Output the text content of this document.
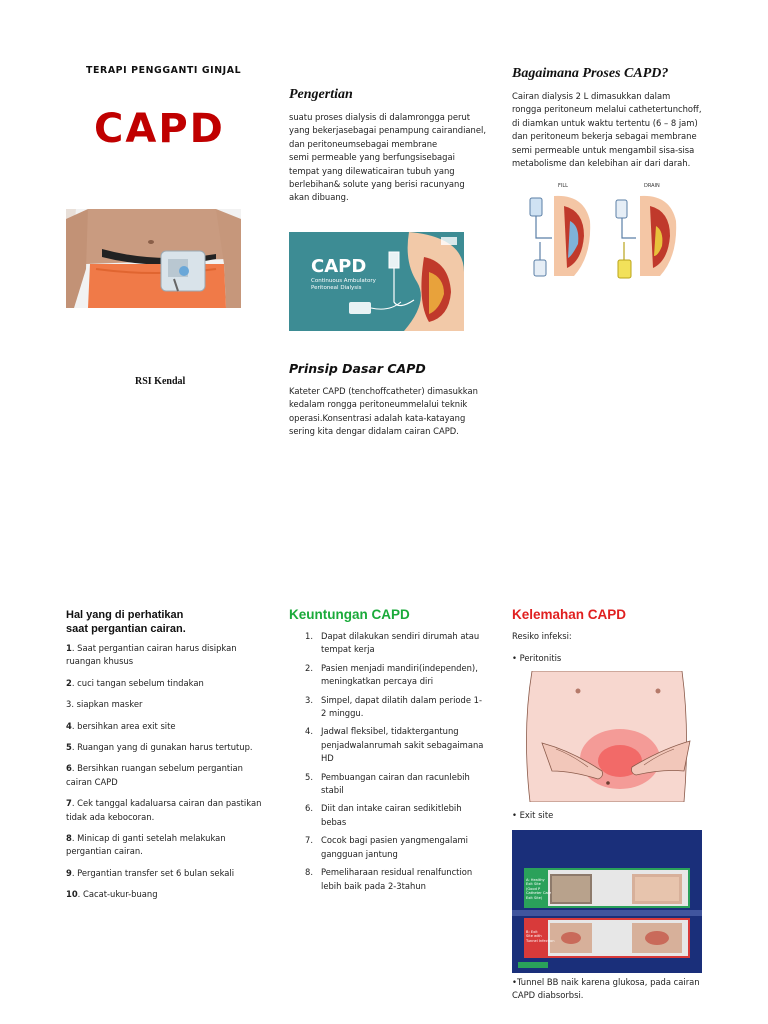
TERAPI PENGGANTI GINJAL
CAPD
RSI Kendal
Pengertian
suatu proses dialysis di dalamrongga perut
yang bekerjasebagai penampung cairandianel,
dan peritoneumsebagai membrane
semi permeable yang berfungsisebagai
tempat yang dilewaticairan tubuh yang
berlebihan& solute yang berisi racunyang
akan dibuang.
CAPD
Continuous Ambulatory
Peritoneal Dialysis
Prinsip Dasar CAPD
Kateter CAPD (tenchoffcatheter) dimasukkan
kedalam rongga peritoneummelalui teknik
operasi.Konsentrasi adalah kata-katayang
sering kita dengar didalam cairan CAPD.
Bagaimana Proses CAPD?
Cairan dialysis 2 L dimasukkan dalam
rongga peritoneum melalui cathetertunchoff,
di diamkan untuk waktu tertentu (6 – 8 jam)
dan peritoneum bekerja sebagai membrane
semi permeable untuk mengambil sisa-sisa
metabolisme dan kelebihan air dari darah.
FILL	DRAIN
Hal yang di perhatikan
saat pergantian cairan.

1. Saat pergantian cairan harus disipkan
ruangan khusus

2. cuci tangan sebelum tindakan

3. siapkan masker

4. bersihkan area exit site

5. Ruangan yang di gunakan harus tertutup.

6. Bersihkan ruangan sebelum pergantian
cairan CAPD

7. Cek tanggal kadaluarsa cairan dan pastikan
tidak ada kebocoran.

8. Minicap di ganti setelah melakukan
pergantian cairan.

9. Pergantian transfer set 6 bulan sekali

10. Cacat-ukur-buang

Keuntungan CAPD
1. Dapat dilakukan sendiri dirumah atau
tempat kerja
2. Pasien menjadi mandiri(independen),
meningkatkan percaya diri
3. Simpel, dapat dilatih dalam periode 1-
2 minggu.
4. Jadwal fleksibel, tidaktergantung
penjadwalanrumah sakit sebagaimana
HD
5. Pembuangan cairan dan racunlebih
stabil
6. Diit dan intake cairan sedikitlebih
bebas
7. Cocok bagi pasien yangmengalami
gangguan jantung
8. Pemeliharaan residual renalfunction
lebih baik pada 2-3tahun
Kelemahan CAPD
Resiko infeksi:
• Peritonitis
• Exit site
A: Healthy
Exit Site
(Good P
Catheter Care
Exit Site)
B: Exit
Site with
Tunnel Infection
•Tunnel BB naik karena glukosa, pada cairan
CAPD diabsorbsi.
